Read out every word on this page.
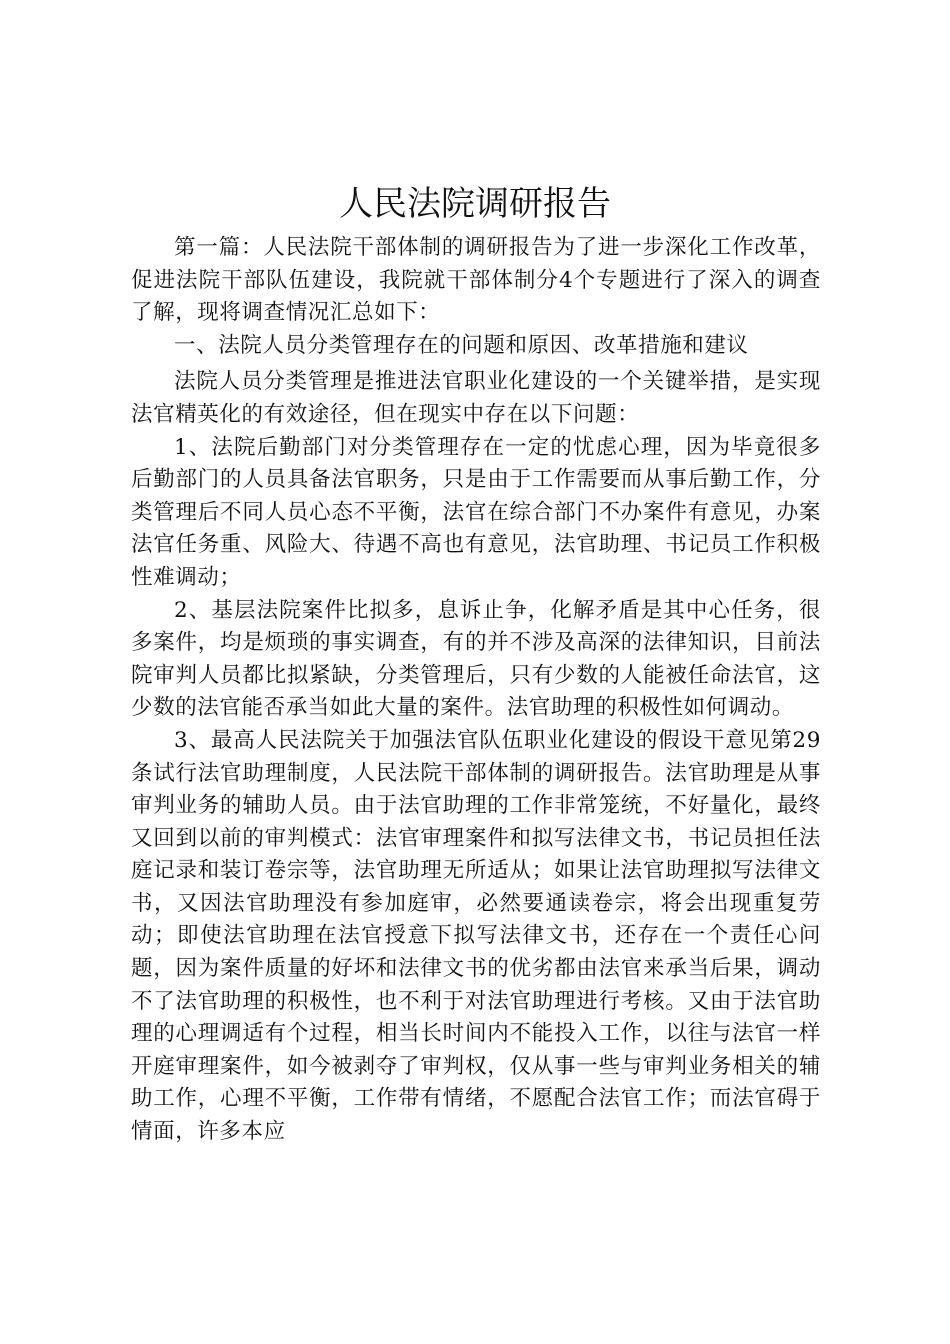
人民法院调研报告

第一篇：人民法院干部体制的调研报告为了进一步深化工作改革，促进法院干部队伍建设，我院就干部体制分4个专题进行了深入的调查了解，现将调查情况汇总如下：

一、法院人员分类管理存在的问题和原因、改革措施和建议

法院人员分类管理是推进法官职业化建设的一个关键举措，是实现法官精英化的有效途径，但在现实中存在以下问题：

1、法院后勤部门对分类管理存在一定的忧虑心理，因为毕竟很多后勤部门的人员具备法官职务，只是由于工作需要而从事后勤工作，分类管理后不同人员心态不平衡，法官在综合部门不办案件有意见，办案法官任务重、风险大、待遇不高也有意见，法官助理、书记员工作积极性难调动；

2、基层法院案件比拟多，息诉止争，化解矛盾是其中心任务，很多案件，均是烦琐的事实调查，有的并不涉及高深的法律知识，目前法院审判人员都比拟紧缺，分类管理后，只有少数的人能被任命法官，这少数的法官能否承当如此大量的案件。法官助理的积极性如何调动。

3、最高人民法院关于加强法官队伍职业化建设的假设干意见第29条试行法官助理制度，人民法院干部体制的调研报告。法官助理是从事审判业务的辅助人员。由于法官助理的工作非常笼统，不好量化，最终又回到以前的审判模式：法官审理案件和拟写法律文书，书记员担任法庭记录和装订卷宗等，法官助理无所适从；如果让法官助理拟写法律文书，又因法官助理没有参加庭审，必然要通读卷宗，将会出现重复劳动；即使法官助理在法官授意下拟写法律文书，还存在一个责任心问题，因为案件质量的好坏和法律文书的优劣都由法官来承当后果，调动不了法官助理的积极性，也不利于对法官助理进行考核。又由于法官助理的心理调适有个过程，相当长时间内不能投入工作，以往与法官一样开庭审理案件，如今被剥夺了审判权，仅从事一些与审判业务相关的辅助工作，心理不平衡，工作带有情绪，不愿配合法官工作；而法官碍于情面，许多本应
